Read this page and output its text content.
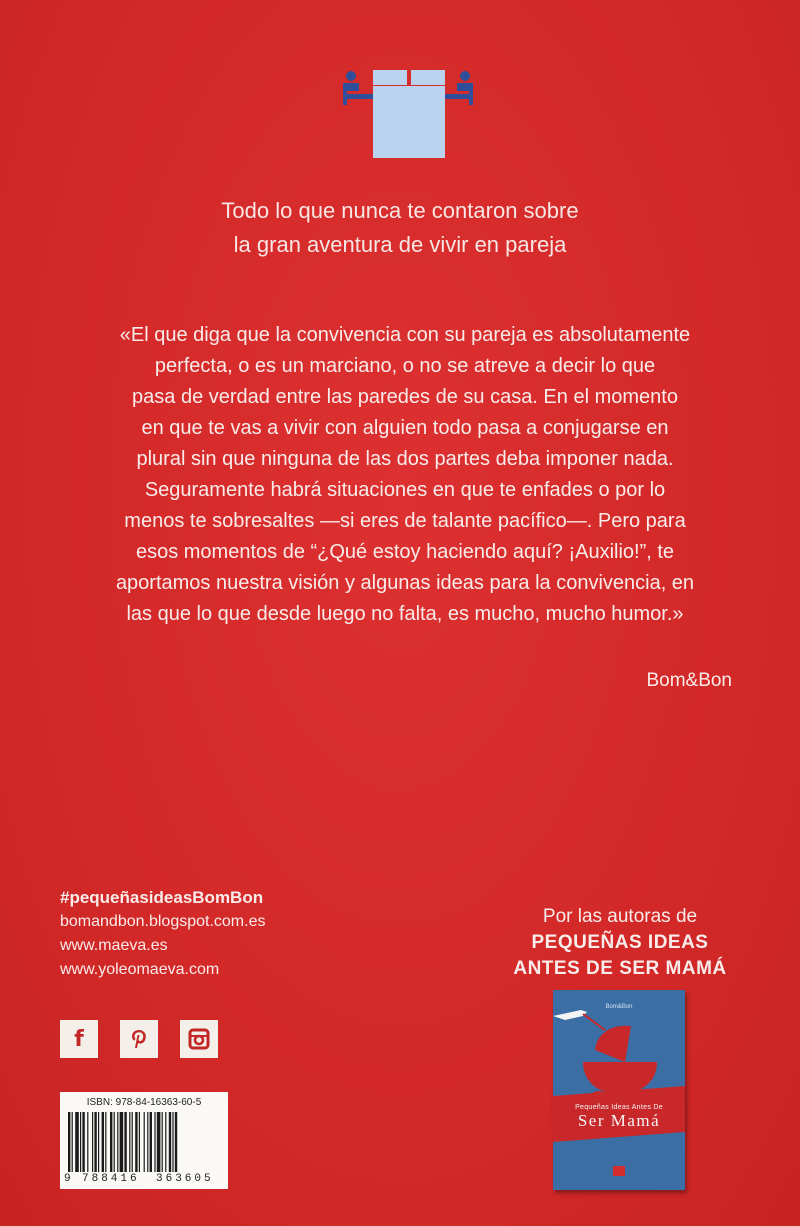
Todo lo que nunca te contaron sobre
la gran aventura de vivir en pareja
«El que diga que la convivencia con su pareja es absolutamente
perfecta, o es un marciano, o no se atreve a decir lo que
pasa de verdad entre las paredes de su casa. En el momento
en que te vas a vivir con alguien todo pasa a conjugarse en
plural sin que ninguna de las dos partes deba imponer nada.
Seguramente habrá situaciones en que te enfades o por lo
menos te sobresaltes —si eres de talante pacífico—. Pero para
esos momentos de “¿Qué estoy haciendo aquí? ¡Auxilio!”, te
aportamos nuestra visión y algunas ideas para la convivencia, en
las que lo que desde luego no falta, es mucho, mucho humor.»
Bom&Bon
#pequeñasideasBomBon
bomandbon.blogspot.com.es
www.maeva.es
www.yoleomaeva.com
f
ISBN: 978-84-16363-60-5
9 788416 363605
Por las autoras de
PEQUEÑAS IDEAS
ANTES DE SER MAMÁ
Bom&Bon
Pequeñas Ideas Antes De
Ser Mamá
